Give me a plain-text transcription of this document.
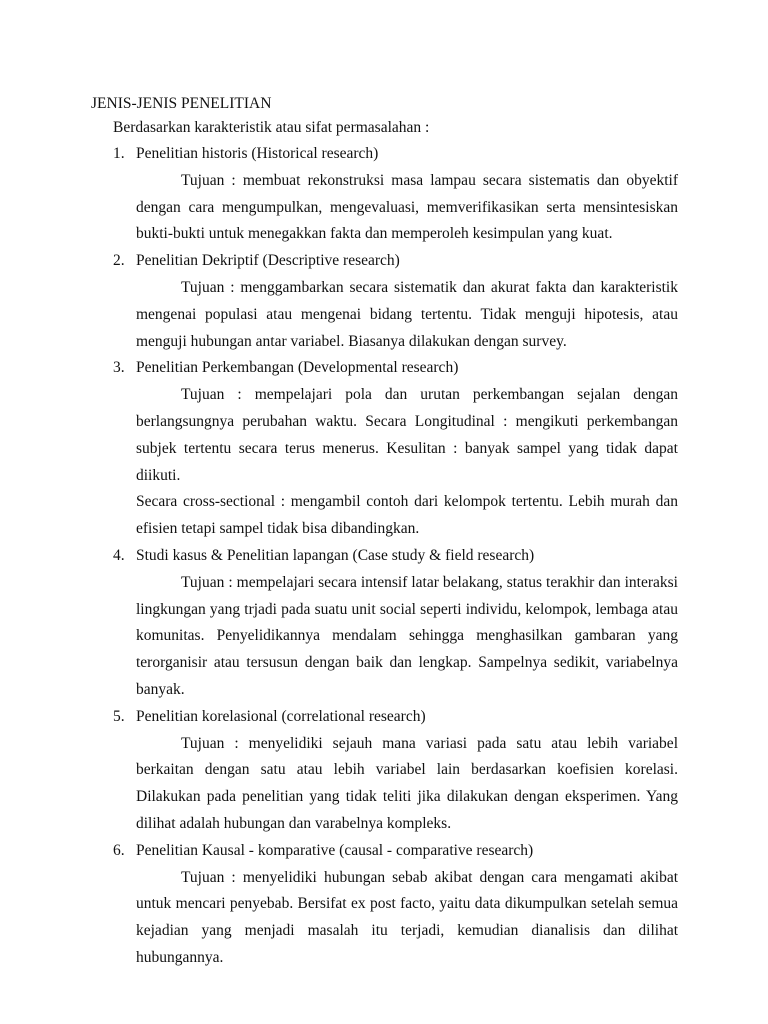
JENIS-JENIS PENELITIAN
Berdasarkan karakteristik atau sifat permasalahan :
1. Penelitian historis (Historical research)

Tujuan : membuat rekonstruksi masa lampau secara sistematis dan obyektif dengan cara mengumpulkan, mengevaluasi, memverifikasikan serta mensintesiskan bukti-bukti untuk menegakkan fakta dan memperoleh kesimpulan yang kuat.

2. Penelitian Dekriptif (Descriptive research)

Tujuan : menggambarkan secara sistematik dan akurat fakta dan karakteristik mengenai populasi atau mengenai bidang tertentu. Tidak menguji hipotesis, atau menguji hubungan antar variabel. Biasanya dilakukan dengan survey.

3. Penelitian Perkembangan (Developmental research)

Tujuan : mempelajari pola dan urutan perkembangan sejalan dengan berlangsungnya perubahan waktu. Secara Longitudinal : mengikuti perkembangan subjek tertentu secara terus menerus. Kesulitan : banyak sampel yang tidak dapat diikuti.

Secara cross-sectional : mengambil contoh dari kelompok tertentu. Lebih murah dan efisien tetapi sampel tidak bisa dibandingkan.

4. Studi kasus & Penelitian lapangan (Case study & field research)

Tujuan : mempelajari secara intensif latar belakang, status terakhir dan interaksi lingkungan yang trjadi pada suatu unit social seperti individu, kelompok, lembaga atau komunitas. Penyelidikannya mendalam sehingga menghasilkan gambaran yang terorganisir atau tersusun dengan baik dan lengkap. Sampelnya sedikit, variabelnya banyak.

5. Penelitian korelasional (correlational research)

Tujuan : menyelidiki sejauh mana variasi pada satu atau lebih variabel berkaitan dengan satu atau lebih variabel lain berdasarkan koefisien korelasi. Dilakukan pada penelitian yang tidak teliti jika dilakukan dengan eksperimen. Yang dilihat adalah hubungan dan varabelnya kompleks.

6. Penelitian Kausal - komparative (causal - comparative research)

Tujuan : menyelidiki hubungan sebab akibat dengan cara mengamati akibat untuk mencari penyebab. Bersifat ex post facto, yaitu data dikumpulkan setelah semua kejadian yang menjadi masalah itu terjadi, kemudian dianalisis dan dilihat hubungannya.
